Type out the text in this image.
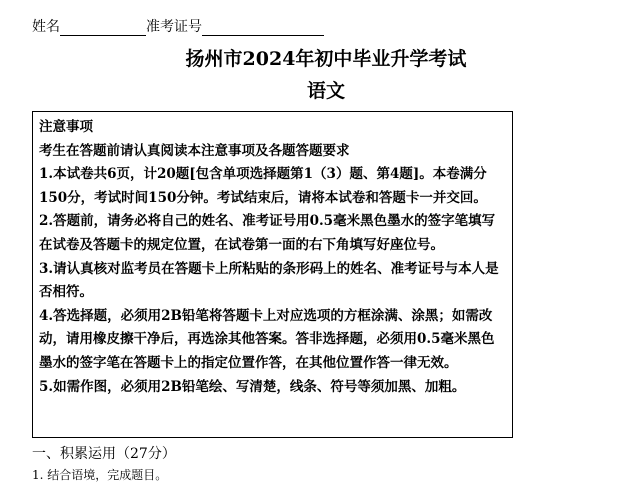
姓名	准考证号
扬州市2024年初中毕业升学考试
语文

注意事项

考生在答题前请认真阅读本注意事项及各题答题要求

1.本试卷共6页，计20题[包含单项选择题第1（3）题、第4题]。本卷满分150分，考试时间150分钟。考试结束后，请将本试卷和答题卡一并交回。

2.答题前，请务必将自己的姓名、准考证号用0.5毫米黑色墨水的签字笔填写在试卷及答题卡的规定位置，在试卷第一面的右下角填写好座位号。

3.请认真核对监考员在答题卡上所粘贴的条形码上的姓名、准考证号与本人是否相符。

4.答选择题，必须用2B铅笔将答题卡上对应选项的方框涂满、涂黑；如需改动，请用橡皮擦干净后，再选涂其他答案。答非选择题，必须用0.5毫米黑色墨水的签字笔在答题卡上的指定位置作答，在其他位置作答一律无效。

5.如需作图，必须用2B铅笔绘、写清楚，线条、符号等须加黑、加粗。

一、积累运用（27分）
1. 结合语境，完成题目。
